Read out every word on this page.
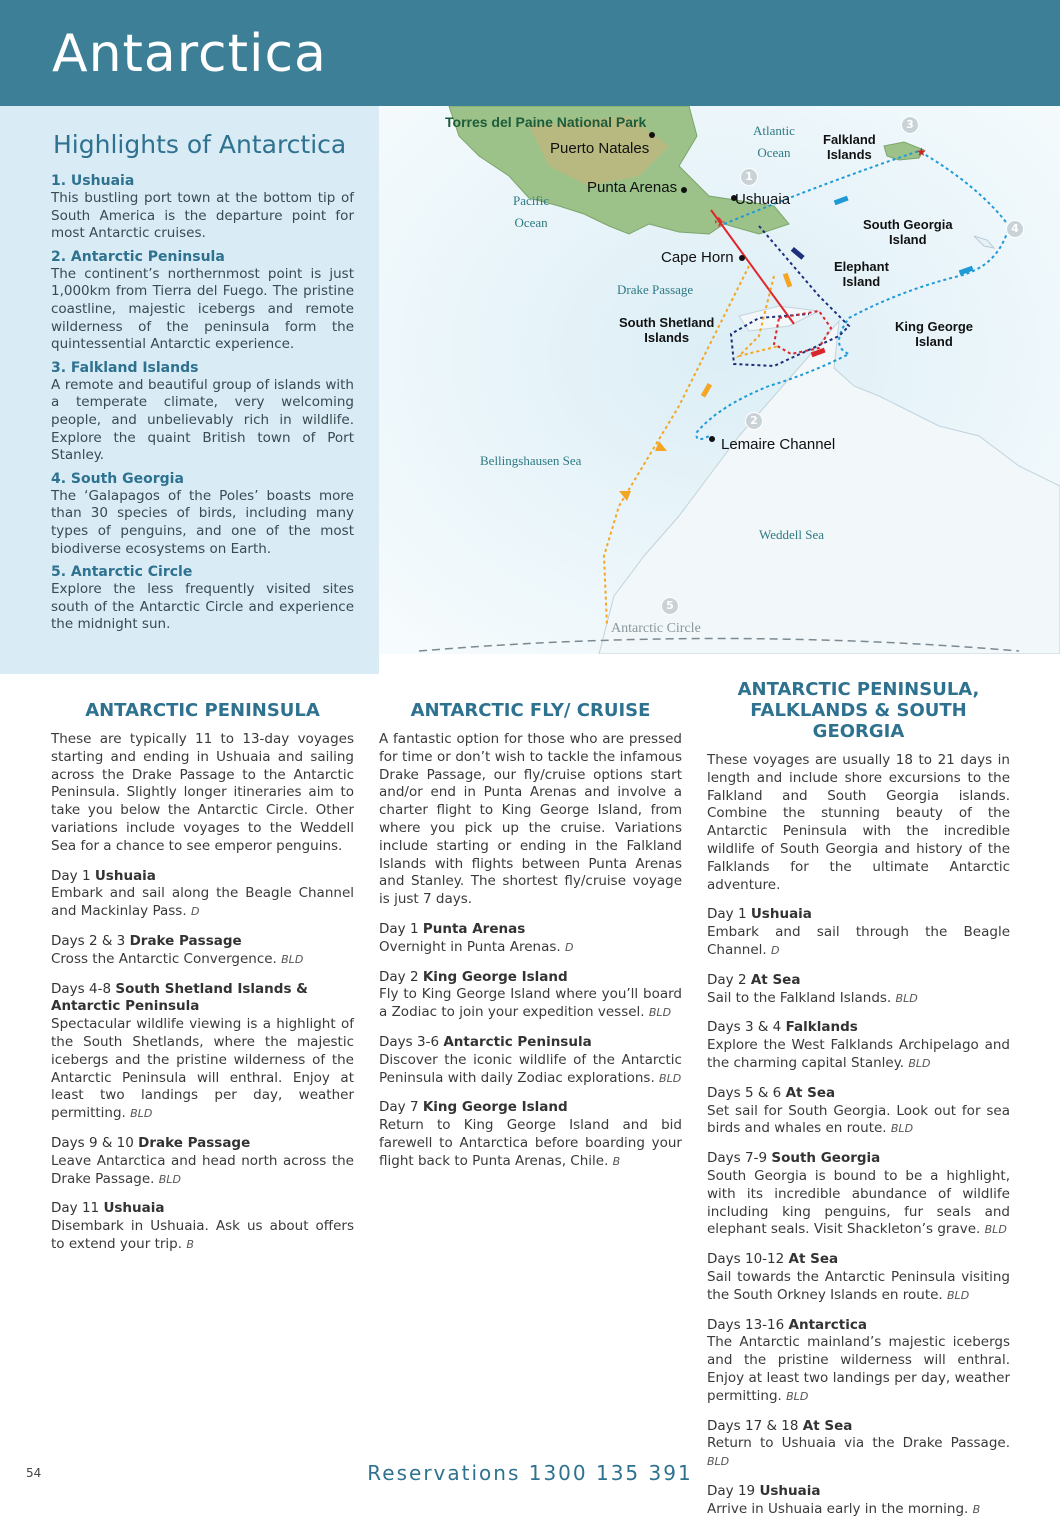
Antarctica
Highlights of Antarctica
1. Ushuaia
This bustling port town at the bottom tip of South America is the departure point for most Antarctic cruises.
2. Antarctic Peninsula
The continent’s northernmost point is just 1,000km from Tierra del Fuego. The pristine coastline, majestic icebergs and remote wilderness of the peninsula form the quintessential Antarctic experience.
3. Falkland Islands
A remote and beautiful group of islands with a temperate climate, very welcoming people, and unbelievably rich in wildlife. Explore the quaint British town of Port Stanley.
4. South Georgia
The ‘Galapagos of the Poles’ boasts more than 30 species of birds, including many types of penguins, and one of the most biodiverse ecosystems on Earth.
5. Antarctic Circle
Explore the less frequently visited sites south of the Antarctic Circle and experience the midnight sun.
✈
★
Torres del Paine National Park
Puerto Natales
Punta Arenas
Ushuaia
Cape Horn
Atlantic
Ocean
Pacific
Ocean
Falkland
Islands
South Georgia
Island
Elephant
Island
Drake Passage
South Shetland
Islands
King George
Island
Lemaire Channel
Bellingshausen Sea
Weddell Sea
Antarctic Circle
1
2
3
4
5
ANTARCTIC PENINSULA
These are typically 11 to 13-day voyages starting and ending in Ushuaia and sailing across the Drake Passage to the Antarctic Peninsula. Slightly longer itineraries aim to take you below the Antarctic Circle. Other variations include voyages to the Weddell Sea for a chance to see emperor penguins.
Day 1 Ushuaia
Embark and sail along the Beagle Channel and Mackinlay Pass. D
Days 2 & 3 Drake Passage
Cross the Antarctic Convergence. BLD
Days 4-8 South Shetland Islands & Antarctic Peninsula
Spectacular wildlife viewing is a highlight of the South Shetlands, where the majestic icebergs and the pristine wilderness of the Antarctic Peninsula will enthral. Enjoy at least two landings per day, weather permitting. BLD
Days 9 & 10 Drake Passage
Leave Antarctica and head north across the Drake Passage. BLD
Day 11 Ushuaia
Disembark in Ushuaia. Ask us about offers to extend your trip. B
ANTARCTIC FLY/ CRUISE
A fantastic option for those who are pressed for time or don’t wish to tackle the infamous Drake Passage, our fly/cruise options start and/or end in Punta Arenas and involve a charter flight to King George Island, from where you pick up the cruise. Variations include starting or ending in the Falkland Islands with flights between Punta Arenas and Stanley. The shortest fly/cruise voyage is just 7 days.
Day 1 Punta Arenas
Overnight in Punta Arenas. D
Day 2 King George Island
Fly to King George Island where you’ll board a Zodiac to join your expedition vessel. BLD
Days 3-6 Antarctic Peninsula
Discover the iconic wildlife of the Antarctic Peninsula with daily Zodiac explorations. BLD
Day 7 King George Island
Return to King George Island and bid farewell to Antarctica before boarding your flight back to Punta Arenas, Chile. B
ANTARCTIC PENINSULA,
FALKLANDS & SOUTH GEORGIA
These voyages are usually 18 to 21 days in length and include shore excursions to the Falkland and South Georgia islands. Combine the stunning beauty of the Antarctic Peninsula with the incredible wildlife of South Georgia and history of the Falklands for the ultimate Antarctic adventure.
Day 1 Ushuaia
Embark and sail through the Beagle Channel. D
Day 2 At Sea
Sail to the Falkland Islands. BLD
Days 3 & 4 Falklands
Explore the West Falklands Archipelago and the charming capital Stanley. BLD
Days 5 & 6 At Sea
Set sail for South Georgia. Look out for sea birds and whales en route. BLD
Days 7-9 South Georgia
South Georgia is bound to be a highlight, with its incredible abundance of wildlife including king penguins, fur seals and elephant seals. Visit Shackleton’s grave. BLD
Days 10-12 At Sea
Sail towards the Antarctic Peninsula visiting the South Orkney Islands en route. BLD
Days 13-16 Antarctica
The Antarctic mainland’s majestic icebergs and the pristine wilderness will enthral. Enjoy at least two landings per day, weather permitting. BLD
Days 17 & 18 At Sea
Return to Ushuaia via the Drake Passage. BLD
Day 19 Ushuaia
Arrive in Ushuaia early in the morning. B
54	Reservations 1300 135 391
